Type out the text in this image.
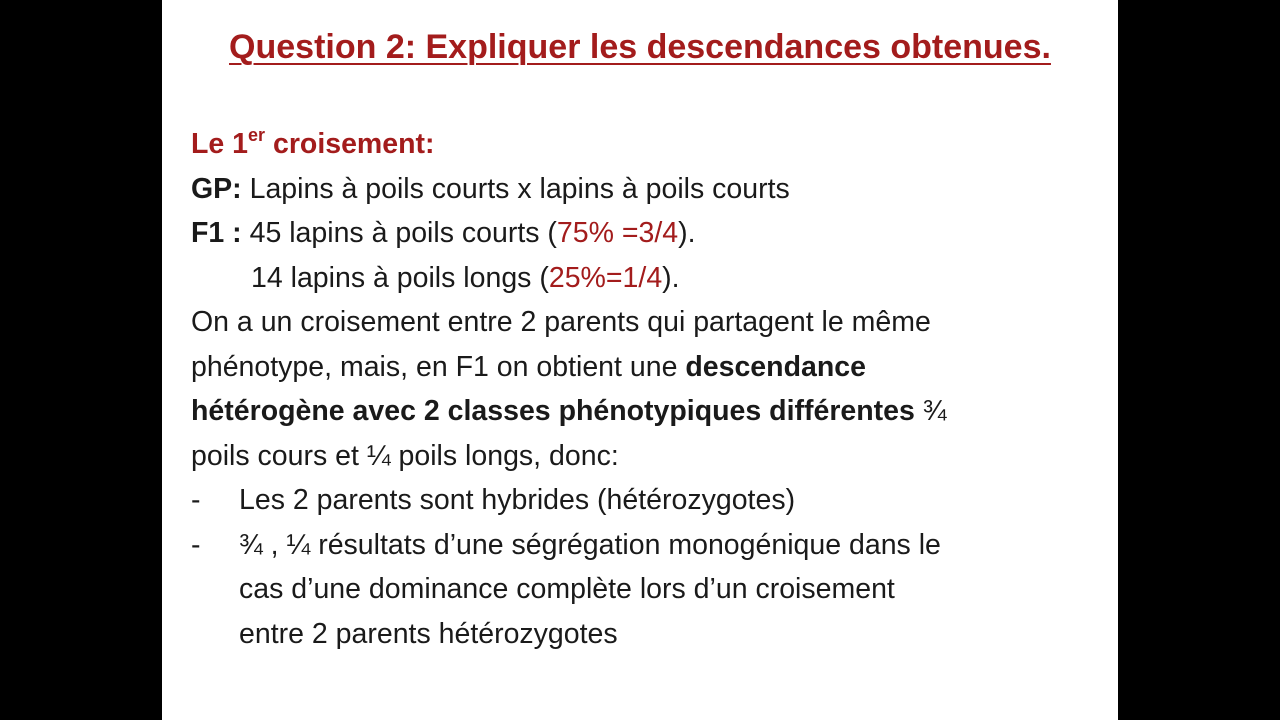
Question 2: Expliquer les descendances obtenues.
Le 1er croisement:
GP: Lapins à poils courts x lapins à poils courts
F1 : 45 lapins à poils courts (75% =3/4).
14 lapins à poils longs (25%=1/4).
On a un croisement entre 2 parents qui partagent le même
phénotype, mais, en F1 on obtient une descendance
hétérogène avec 2 classes phénotypiques différentes ¾
poils cours et ¼ poils longs, donc:
- Les 2 parents sont hybrides (hétérozygotes)
- ¾ , ¼ résultats d’une ségrégation monogénique dans le
cas d’une dominance complète lors d’un croisement
entre 2 parents hétérozygotes
